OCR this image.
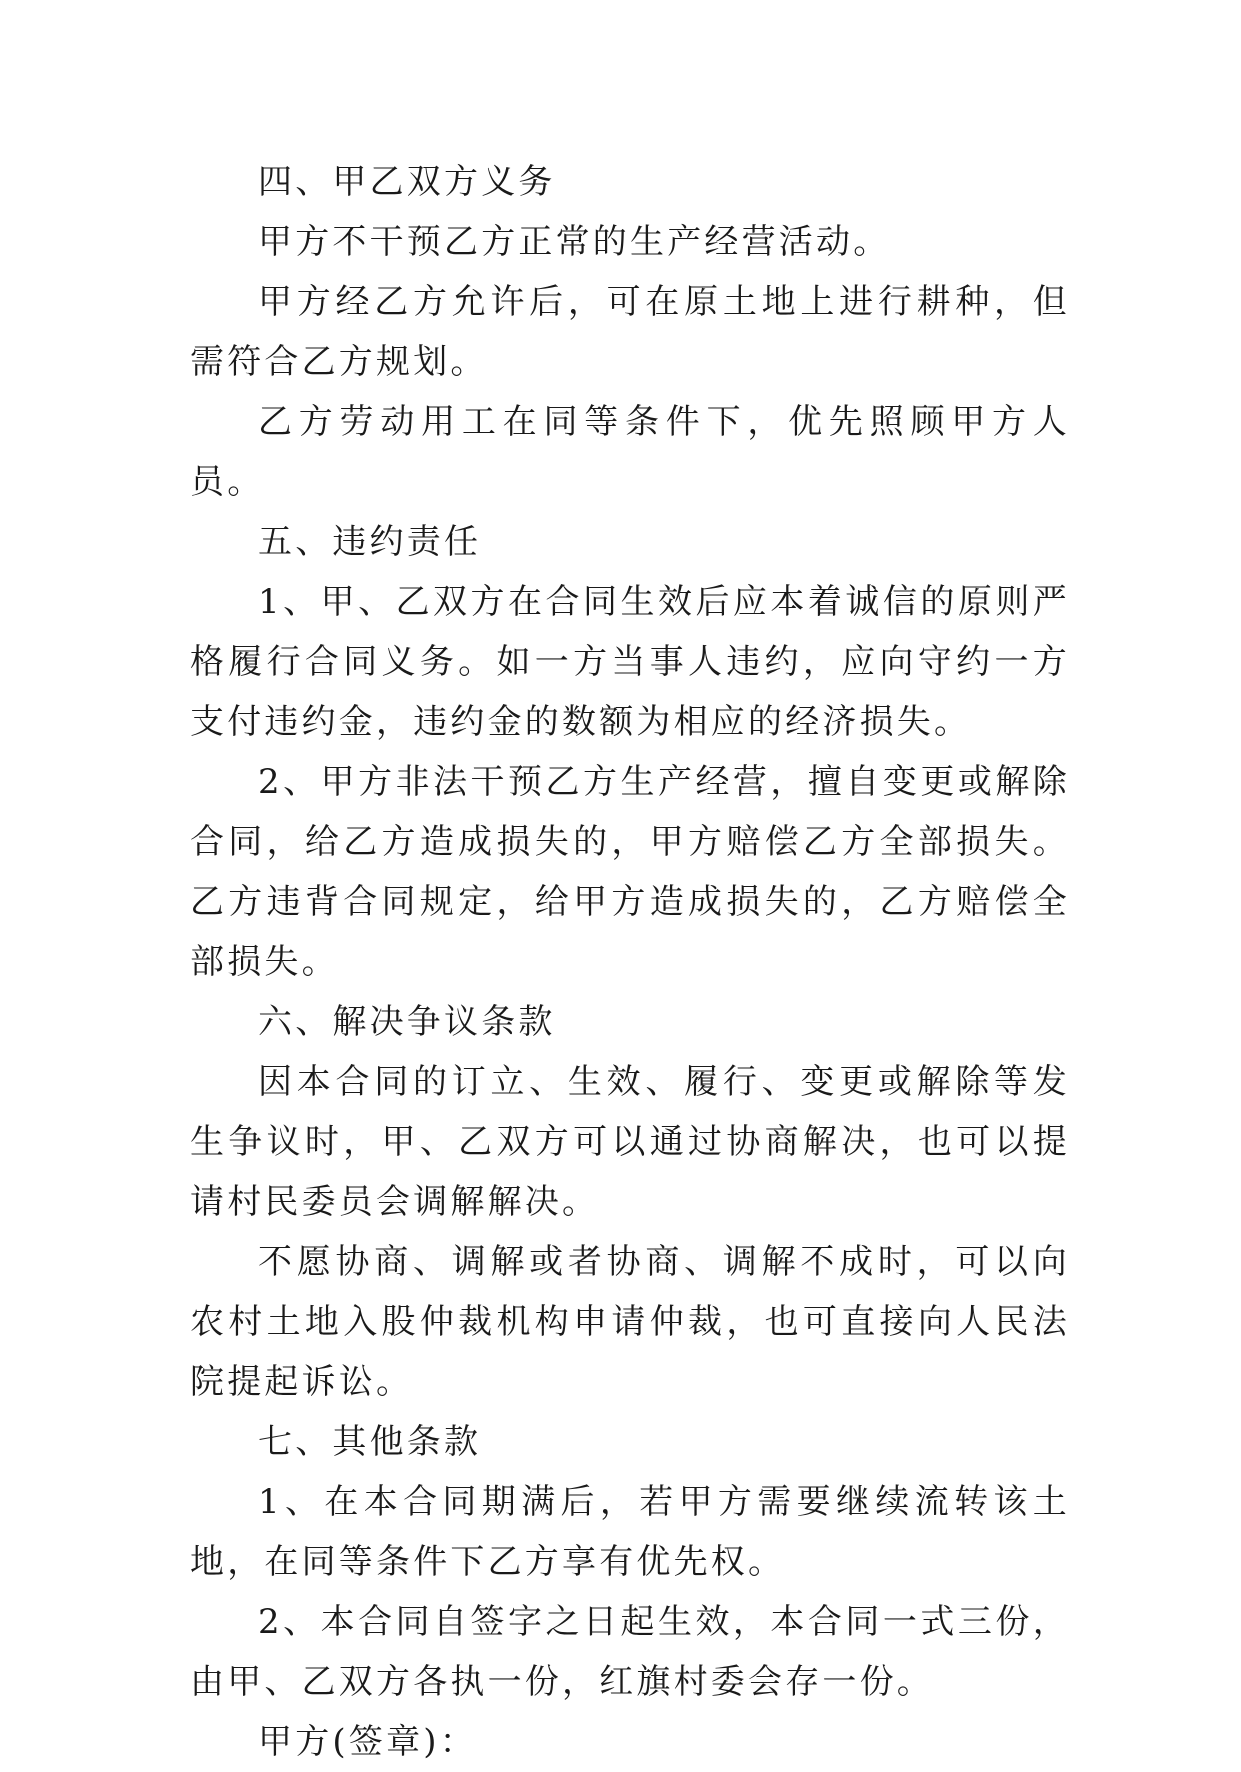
四、甲乙双方义务

甲方不干预乙方正常的生产经营活动。

甲方经乙方允许后，可在原土地上进行耕种，但需符合乙方规划。

乙方劳动用工在同等条件下，优先照顾甲方人员。

五、违约责任

1、甲、乙双方在合同生效后应本着诚信的原则严格履行合同义务。如一方当事人违约，应向守约一方支付违约金，违约金的数额为相应的经济损失。

2、甲方非法干预乙方生产经营，擅自变更或解除合同，给乙方造成损失的，甲方赔偿乙方全部损失。乙方违背合同规定，给甲方造成损失的，乙方赔偿全部损失。

六、解决争议条款

因本合同的订立、生效、履行、变更或解除等发生争议时，甲、乙双方可以通过协商解决，也可以提请村民委员会调解解决。

不愿协商、调解或者协商、调解不成时，可以向农村土地入股仲裁机构申请仲裁，也可直接向人民法院提起诉讼。

七、其他条款

1、在本合同期满后，若甲方需要继续流转该土地，在同等条件下乙方享有优先权。

2、本合同自签字之日起生效，本合同一式三份，由甲、乙双方各执一份，红旗村委会存一份。

甲方(签章)：
